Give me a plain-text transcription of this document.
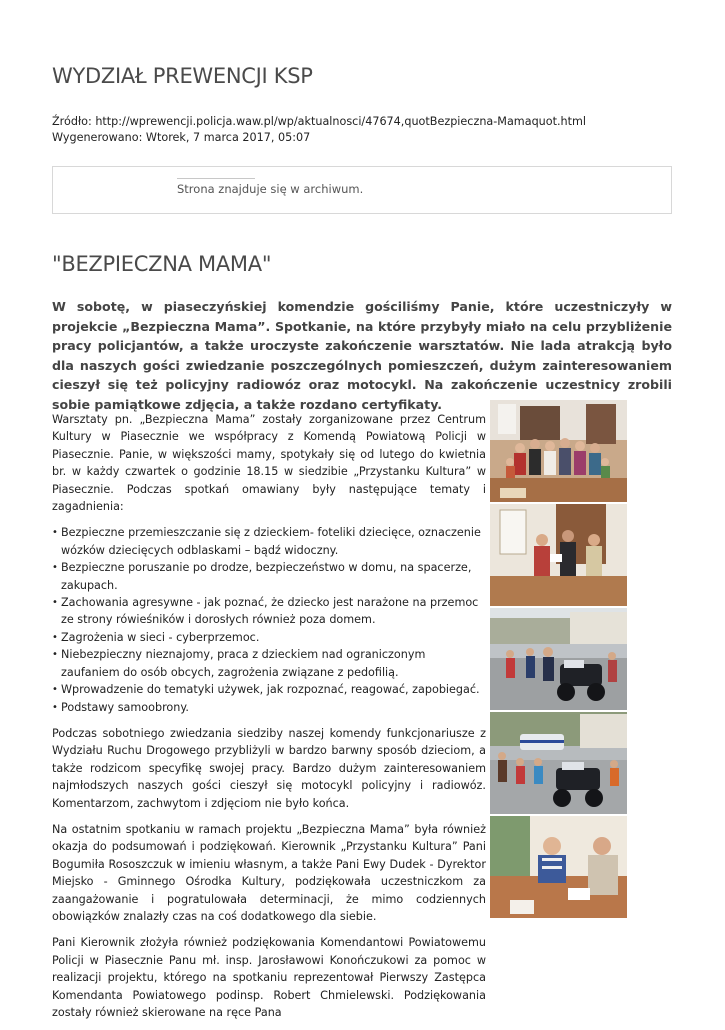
WYDZIAŁ PREWENCJI KSP
Źródło: http://wprewencji.policja.waw.pl/wp/aktualnosci/47674,quotBezpieczna-Mamaquot.html
Wygenerowano: Wtorek, 7 marca 2017, 05:07
Strona znajduje się w archiwum.
"BEZPIECZNA MAMA"

W sobotę, w piaseczyńskiej komendzie gościliśmy Panie, które uczestniczyły w projekcie „Bezpieczna Mama”. Spotkanie, na które przybyły miało na celu przybliżenie pracy policjantów, a także uroczyste zakończenie warsztatów. Nie lada atrakcją było dla naszych gości zwiedzanie poszczególnych pomieszczeń, dużym zainteresowaniem cieszył się też policyjny radiowóz oraz motocykl. Na zakończenie uczestnicy zrobili sobie pamiątkowe zdjęcia, a także rozdano certyfikaty.

Warsztaty pn. „Bezpieczna Mama” zostały zorganizowane przez Centrum Kultury w Piasecznie we współpracy z Komendą Powiatową Policji w Piasecznie. Panie, w większości mamy, spotykały się od lutego do kwietnia br. w każdy czwartek o godzinie 18.15 w siedzibie „Przystanku Kultura” w Piasecznie. Podczas spotkań omawiany były następujące tematy i zagadnienia:

• Bezpieczne przemieszczanie się z dzieckiem- foteliki dziecięce, oznaczenie wózków dziecięcych odblaskami – bądź widoczny.
• Bezpieczne poruszanie po drodze, bezpieczeństwo w domu, na spacerze, zakupach.
• Zachowania agresywne - jak poznać, że dziecko jest narażone na przemoc ze strony rówieśników i dorosłych również poza domem.
• Zagrożenia w sieci - cyberprzemoc.
• Niebezpieczny nieznajomy, praca z dzieckiem nad ograniczonym zaufaniem do osób obcych, zagrożenia związane z pedofilią.
• Wprowadzenie do tematyki używek, jak rozpoznać, reagować, zapobiegać.
• Podstawy samoobrony.

Podczas sobotniego zwiedzania siedziby naszej komendy funkcjonariusze z Wydziału Ruchu Drogowego przybliżyli w bardzo barwny sposób dzieciom, a także rodzicom specyfikę swojej pracy. Bardzo dużym zainteresowaniem najmłodszych naszych gości cieszył się motocykl policyjny i radiowóz. Komentarzom, zachwytom i zdjęciom nie było końca.

Na ostatnim spotkaniu w ramach projektu „Bezpieczna Mama” była również okazja do podsumowań i podziękowań. Kierownik „Przystanku Kultura” Pani Bogumiła Rososzczuk w imieniu własnym, a także Pani Ewy Dudek - Dyrektor Miejsko - Gminnego Ośrodka Kultury, podziękowała uczestniczkom za zaangażowanie i pogratulowała determinacji, że mimo codziennych obowiązków znalazły czas na coś dodatkowego dla siebie.

Pani Kierownik złożyła również podziękowania Komendantowi Powiatowemu Policji w Piasecznie Panu mł. insp. Jarosławowi Konończukowi za pomoc w realizacji projektu, którego na spotkaniu reprezentował Pierwszy Zastępca Komendanta Powiatowego podinsp. Robert Chmielewski. Podziękowania zostały również skierowane na ręce Pana
